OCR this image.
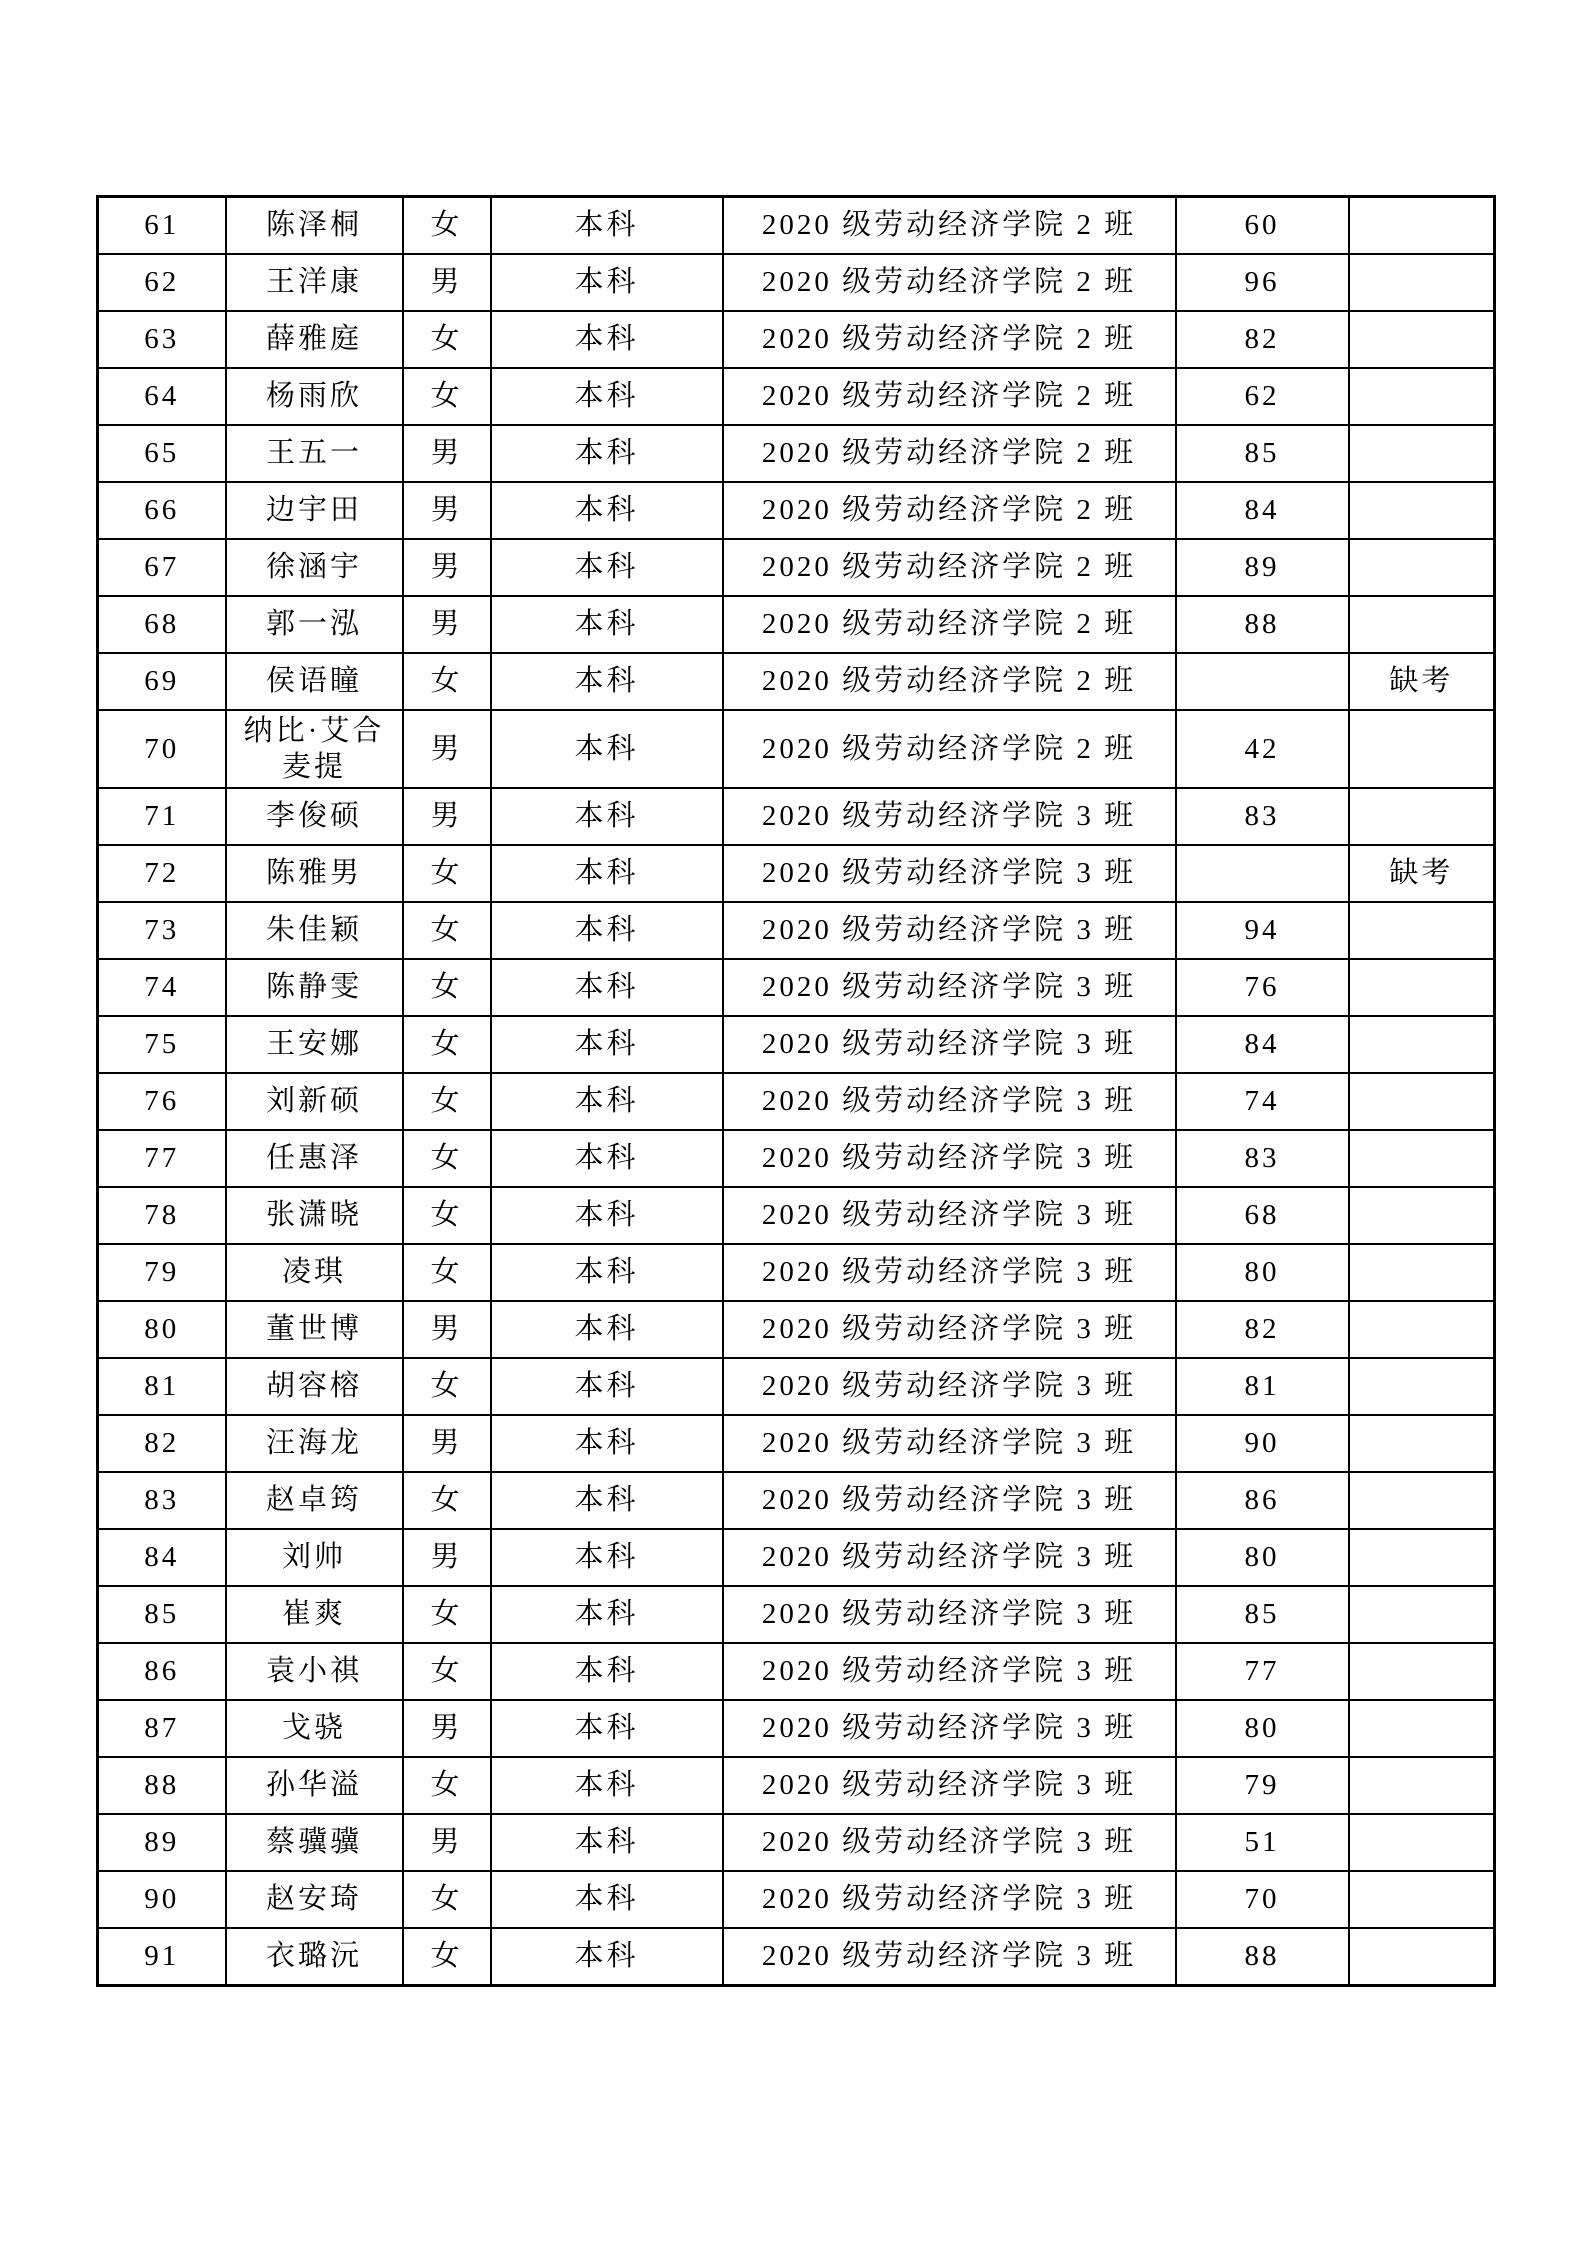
61	陈泽桐	女	本科	2020 级劳动经济学院 2 班	60	
62	王洋康	男	本科	2020 级劳动经济学院 2 班	96	
63	薛雅庭	女	本科	2020 级劳动经济学院 2 班	82	
64	杨雨欣	女	本科	2020 级劳动经济学院 2 班	62	
65	王五一	男	本科	2020 级劳动经济学院 2 班	85	
66	边宇田	男	本科	2020 级劳动经济学院 2 班	84	
67	徐涵宇	男	本科	2020 级劳动经济学院 2 班	89	
68	郭一泓	男	本科	2020 级劳动经济学院 2 班	88	
69	侯语瞳	女	本科	2020 级劳动经济学院 2 班		缺考
70	纳比·艾合麦提	男	本科	2020 级劳动经济学院 2 班	42	
71	李俊硕	男	本科	2020 级劳动经济学院 3 班	83	
72	陈雅男	女	本科	2020 级劳动经济学院 3 班		缺考
73	朱佳颖	女	本科	2020 级劳动经济学院 3 班	94	
74	陈静雯	女	本科	2020 级劳动经济学院 3 班	76	
75	王安娜	女	本科	2020 级劳动经济学院 3 班	84	
76	刘新硕	女	本科	2020 级劳动经济学院 3 班	74	
77	任惠泽	女	本科	2020 级劳动经济学院 3 班	83	
78	张潇晓	女	本科	2020 级劳动经济学院 3 班	68	
79	凌琪	女	本科	2020 级劳动经济学院 3 班	80	
80	董世博	男	本科	2020 级劳动经济学院 3 班	82	
81	胡容榕	女	本科	2020 级劳动经济学院 3 班	81	
82	汪海龙	男	本科	2020 级劳动经济学院 3 班	90	
83	赵卓筠	女	本科	2020 级劳动经济学院 3 班	86	
84	刘帅	男	本科	2020 级劳动经济学院 3 班	80	
85	崔爽	女	本科	2020 级劳动经济学院 3 班	85	
86	袁小祺	女	本科	2020 级劳动经济学院 3 班	77	
87	戈骁	男	本科	2020 级劳动经济学院 3 班	80	
88	孙华溢	女	本科	2020 级劳动经济学院 3 班	79	
89	蔡骥骥	男	本科	2020 级劳动经济学院 3 班	51	
90	赵安琦	女	本科	2020 级劳动经济学院 3 班	70	
91	衣璐沅	女	本科	2020 级劳动经济学院 3 班	88	
